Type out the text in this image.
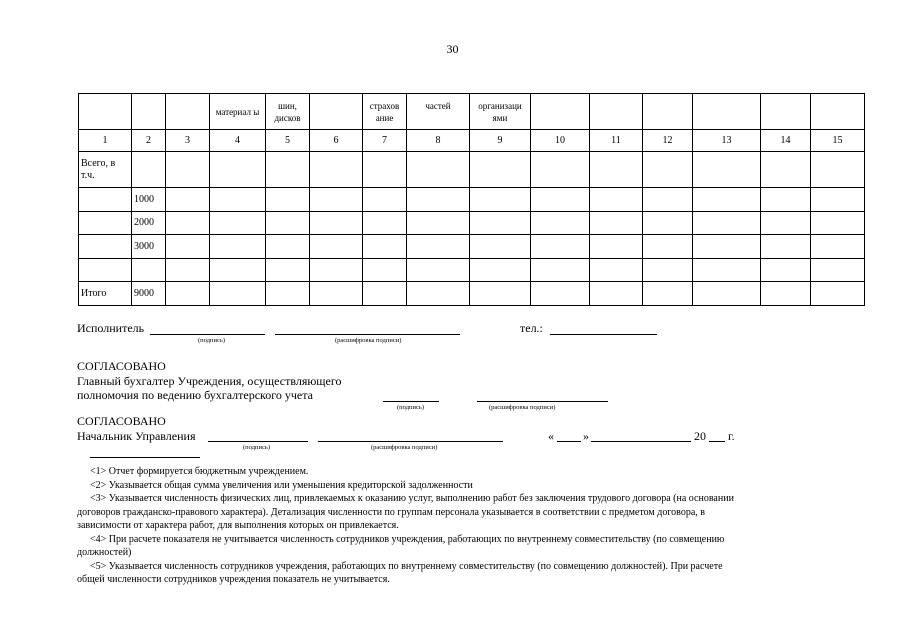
30
			материал ы	шин, дисков		страхов ание	частей	организаци ями						
1	2	3	4	5	6	7	8	9	10	11	12	13	14	15
Всего, в т.ч.														
	1000													
	2000													
	3000													

Итого	9000													
Исполнитель
(подпись)	(расшифровка подписи)
тел.:
СОГЛАСОВАНО
Главный бухгалтер Учреждения, осуществляющего
полномочия по ведению бухгалтерского учета
(подпись)	(расшифровка подписи)
СОГЛАСОВАНО
Начальник Управления
(подпись)	(расшифровка подписи)
« »	20 г.
<1> Отчет формируется бюджетным учреждением.
<2> Указывается общая сумма увеличения или уменьшения кредиторской задолженности
<3> Указывается численность физических лиц, привлекаемых к оказанию услуг, выполнению работ без заключения трудового договора (на основании
договоров гражданско-правового характера). Детализация численности по группам персонала указывается в соответствии с предметом договора, в
зависимости от характера работ, для выполнения которых он привлекается.
<4> При расчете показателя не учитывается численность сотрудников учреждения, работающих по внутреннему совместительству (по совмещению
должностей)
<5> Указывается численность сотрудников учреждения, работающих по внутреннему совместительству (по совмещению должностей). При расчете
общей численности сотрудников учреждения показатель не учитывается.
